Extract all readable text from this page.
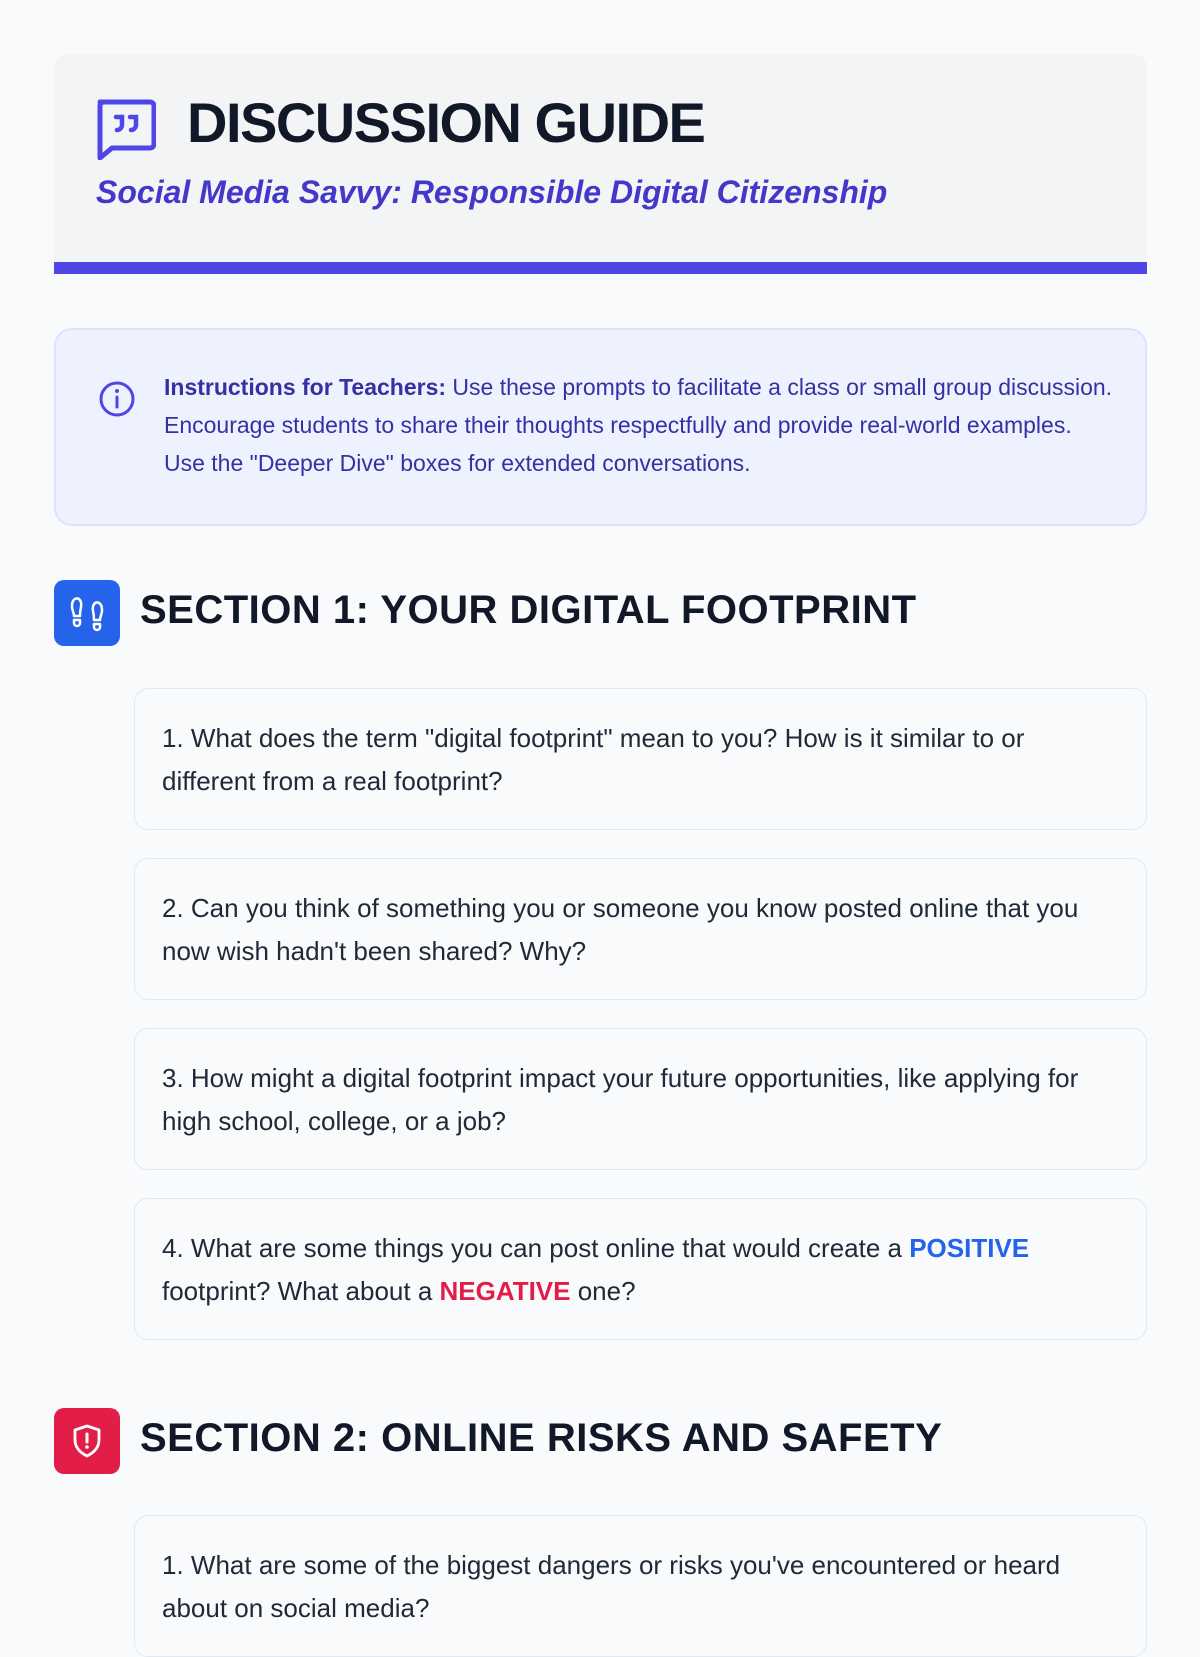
DISCUSSION GUIDE

Social Media Savvy: Responsible Digital Citizenship

Instructions for Teachers: Use these prompts to facilitate a class or small group discussion. Encourage students to share their thoughts respectfully and provide real-world examples. Use the "Deeper Dive" boxes for extended conversations.

SECTION 1: YOUR DIGITAL FOOTPRINT

1. What does the term "digital footprint" mean to you? How is it similar to or different from a real footprint?

2. Can you think of something you or someone you know posted online that you now wish hadn't been shared? Why?

3. How might a digital footprint impact your future opportunities, like applying for high school, college, or a job?

4. What are some things you can post online that would create a POSITIVE footprint? What about a NEGATIVE one?

SECTION 2: ONLINE RISKS AND SAFETY

1. What are some of the biggest dangers or risks you've encountered or heard about on social media?
